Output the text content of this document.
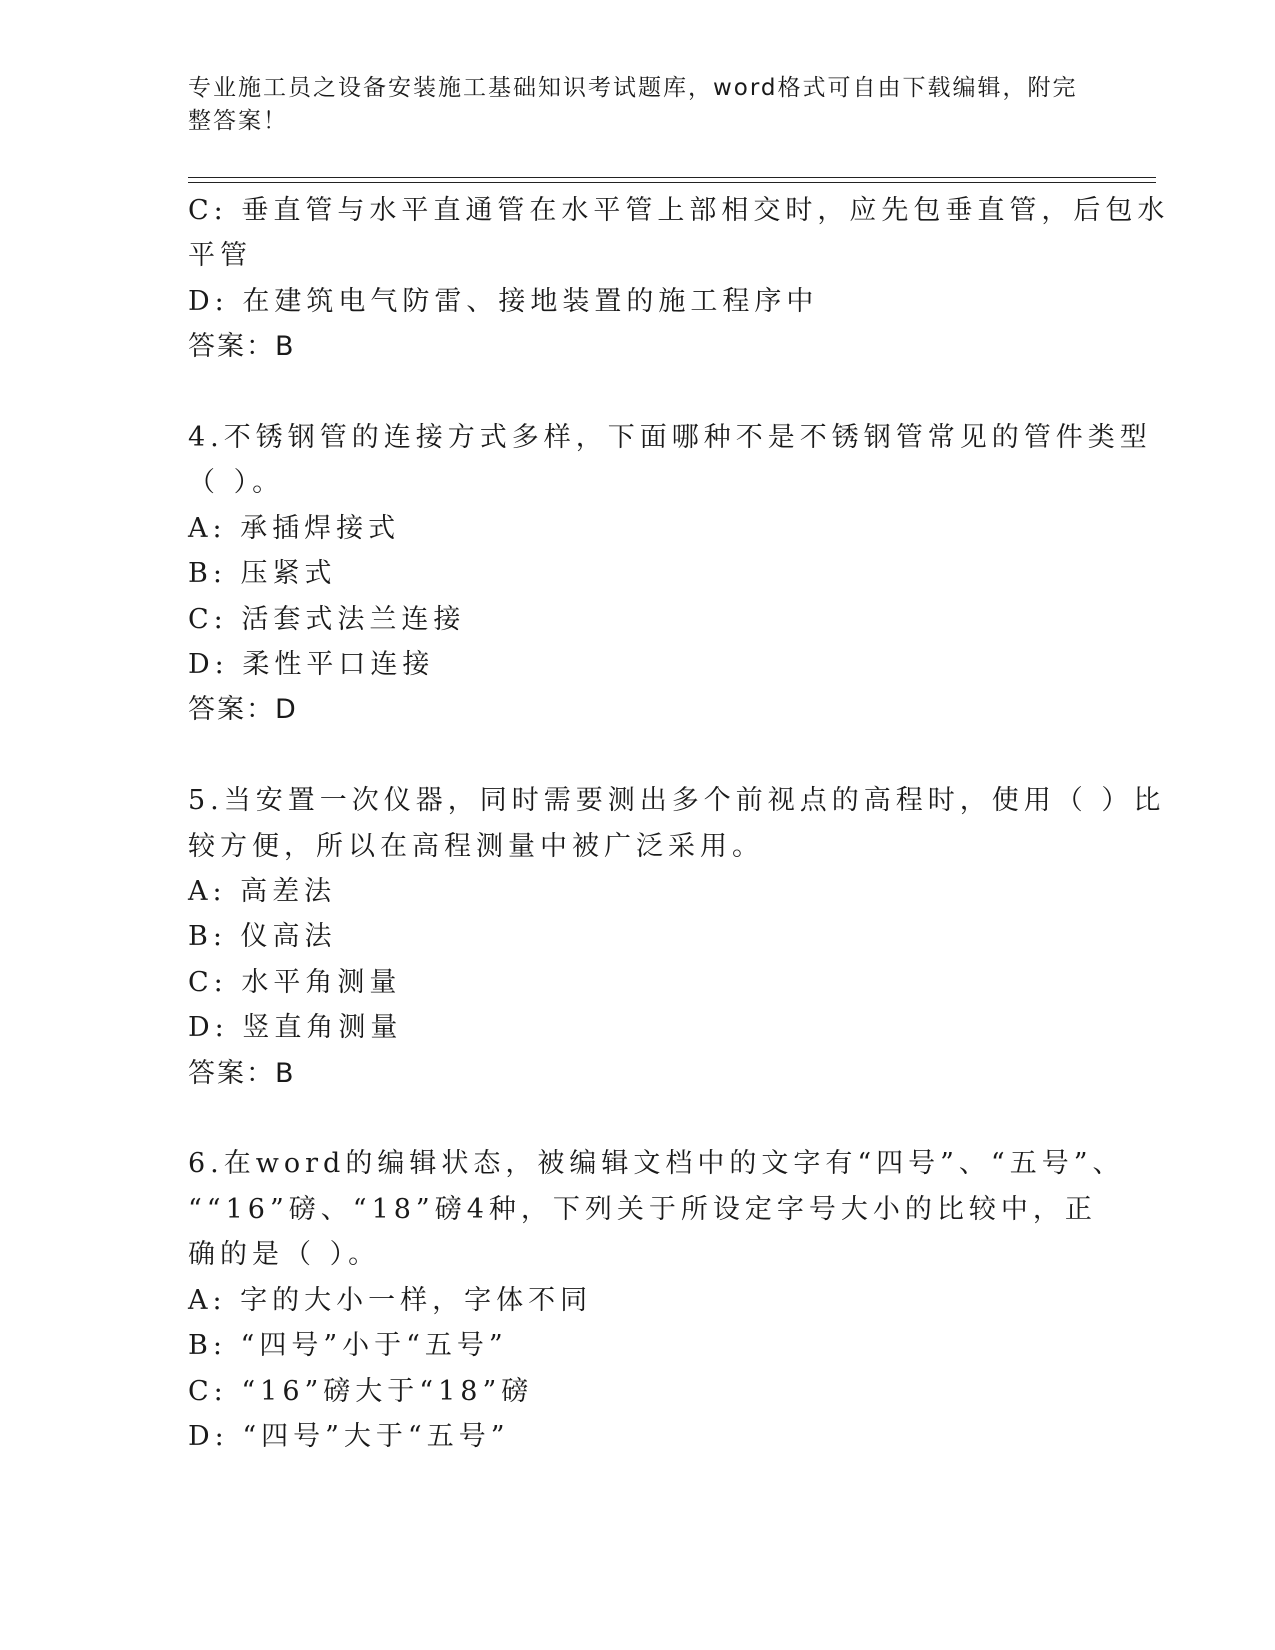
专业施工员之设备安装施工基础知识考试题库，word格式可自由下载编辑，附完
整答案！
C: 垂直管与水平直通管在水平管上部相交时，应先包垂直管，后包水
平管
D: 在建筑电气防雷、接地装置的施工程序中
答案：B
4.不锈钢管的连接方式多样，下面哪种不是不锈钢管常见的管件类型
（ ）。
A: 承插焊接式
B: 压紧式
C: 活套式法兰连接
D: 柔性平口连接
答案：D
5.当安置一次仪器，同时需要测出多个前视点的高程时，使用（ ）比
较方便，所以在高程测量中被广泛采用。
A: 高差法
B: 仪高法
C: 水平角测量
D: 竖直角测量
答案：B
6.在word的编辑状态，被编辑文档中的文字有“四号”、“五号”、
““16”磅、“18”磅4种，下列关于所设定字号大小的比较中，正
确的是（ ）。
A: 字的大小一样，字体不同
B: “四号”小于“五号”
C: “16”磅大于“18”磅
D: “四号”大于“五号”
